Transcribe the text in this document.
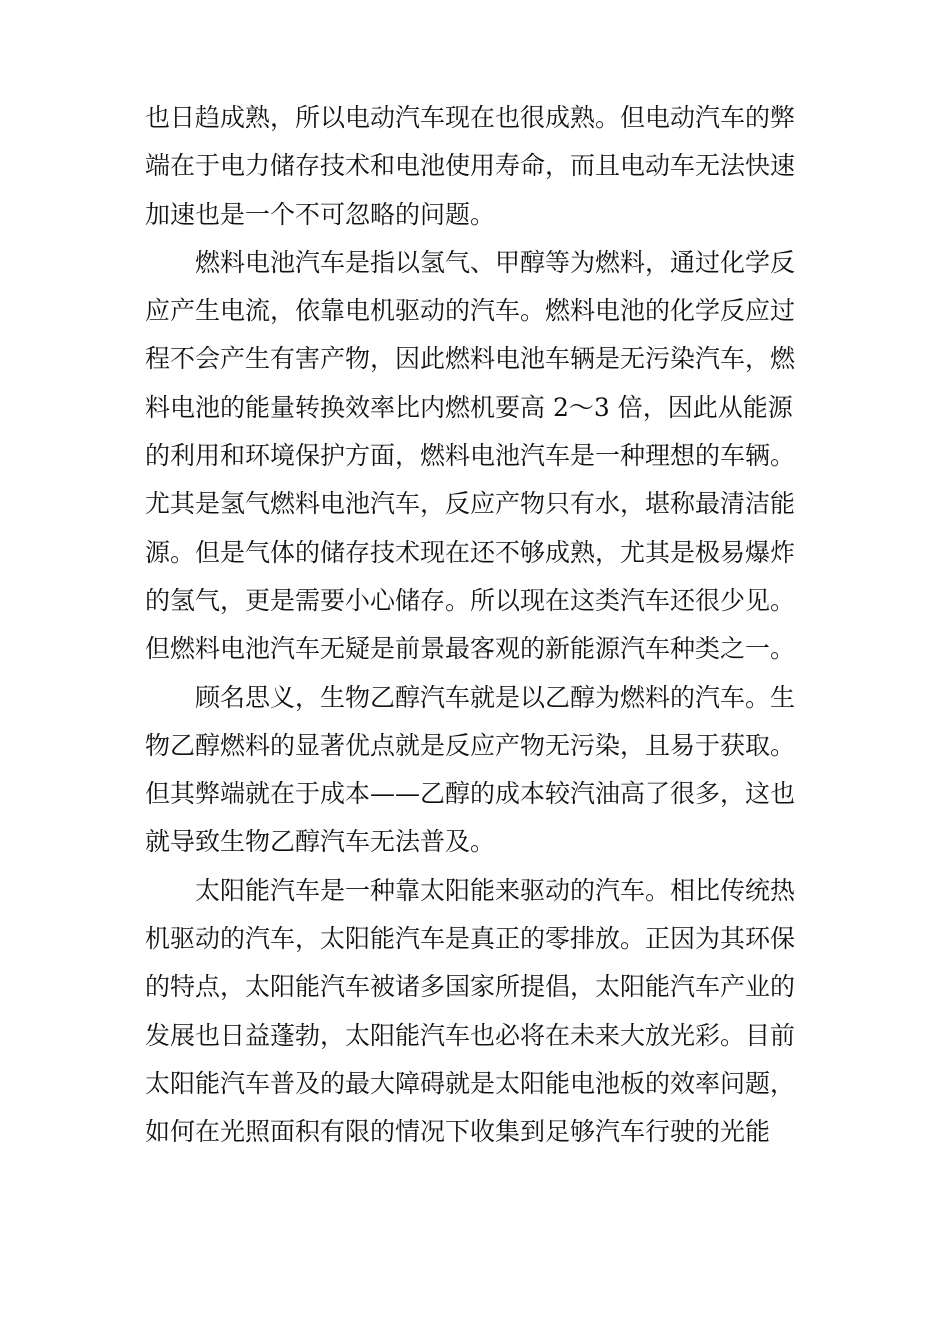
也日趋成熟，所以电动汽车现在也很成熟。但电动汽车的弊
端在于电力储存技术和电池使用寿命，而且电动车无法快速
加速也是一个不可忽略的问题。
燃料电池汽车是指以氢气、甲醇等为燃料，通过化学反
应产生电流，依靠电机驱动的汽车。燃料电池的化学反应过
程不会产生有害产物，因此燃料电池车辆是无污染汽车，燃
料电池的能量转换效率比内燃机要高 2～3 倍，因此从能源
的利用和环境保护方面，燃料电池汽车是一种理想的车辆。
尤其是氢气燃料电池汽车，反应产物只有水，堪称最清洁能
源。但是气体的储存技术现在还不够成熟，尤其是极易爆炸
的氢气，更是需要小心储存。所以现在这类汽车还很少见。
但燃料电池汽车无疑是前景最客观的新能源汽车种类之一。
顾名思义，生物乙醇汽车就是以乙醇为燃料的汽车。生
物乙醇燃料的显著优点就是反应产物无污染，且易于获取。
但其弊端就在于成本——乙醇的成本较汽油高了很多，这也
就导致生物乙醇汽车无法普及。
太阳能汽车是一种靠太阳能来驱动的汽车。相比传统热
机驱动的汽车，太阳能汽车是真正的零排放。正因为其环保
的特点，太阳能汽车被诸多国家所提倡，太阳能汽车产业的
发展也日益蓬勃，太阳能汽车也必将在未来大放光彩。目前
太阳能汽车普及的最大障碍就是太阳能电池板的效率问题，
如何在光照面积有限的情况下收集到足够汽车行驶的光能
